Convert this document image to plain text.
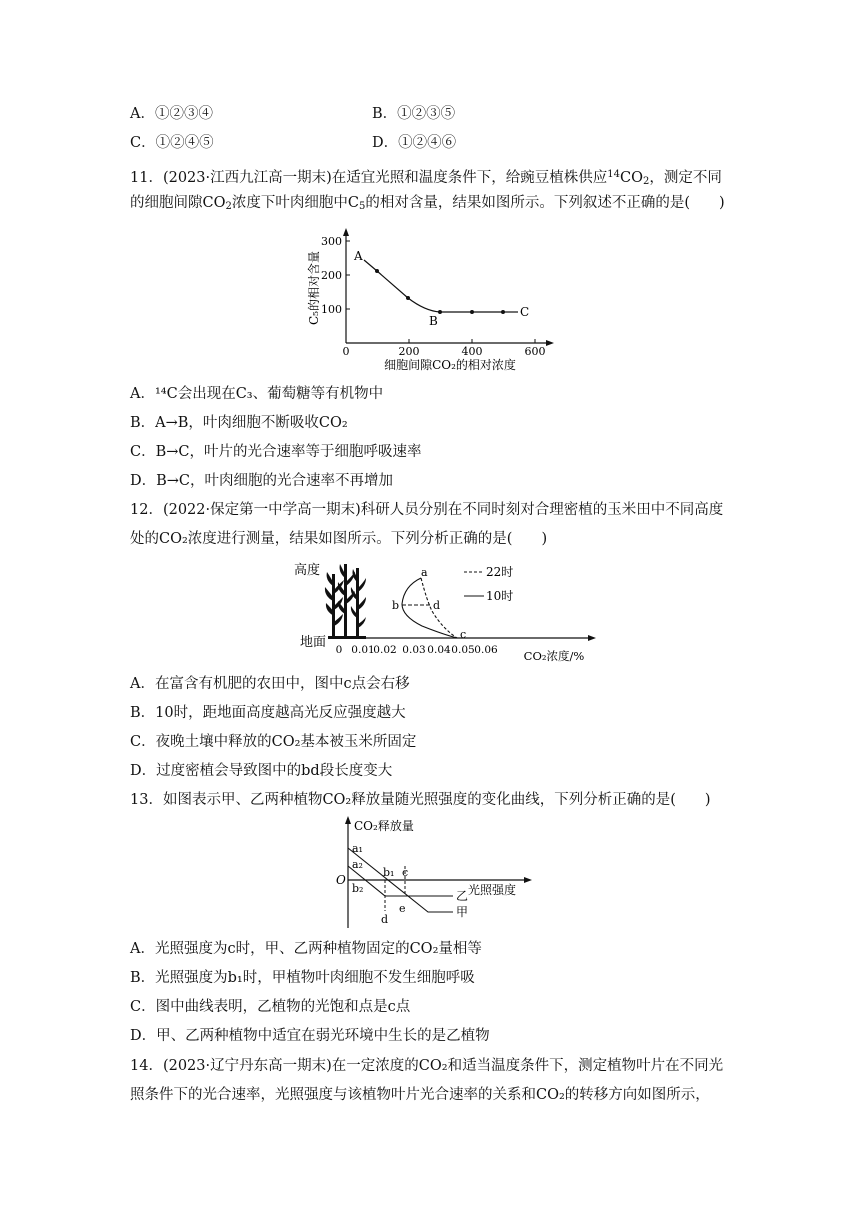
A．①②③④	B．①②③⑤
C．①②④⑤	D．①②④⑥
11．(2023·江西九江高一期末)在适宜光照和温度条件下，给豌豆植株供应$^{14}CO_2$，测定不同
的细胞间隙$CO_2$浓度下叶肉细胞中$C_5$的相对含量，结果如图所示。下列叙述不正确的是(　　)
100
200
300
0	200	400	600
C₅的相对含量
细胞间隙CO₂的相对浓度
A
B
C
A．¹⁴C会出现在C₃、葡萄糖等有机物中
B．A→B，叶肉细胞不断吸收CO₂
C．B→C，叶片的光合速率等于细胞呼吸速率
D．B→C，叶肉细胞的光合速率不再增加
12．(2022·保定第一中学高一期末)科研人员分别在不同时刻对合理密植的玉米田中不同高度
处的CO₂浓度进行测量，结果如图所示。下列分析正确的是(　　)
高度
地面 0 0.01
0.02 0.03 0.04 0.05 0.06 CO₂浓度/%
a
b
c
d
22时
10时
A．在富含有机肥的农田中，图中c点会右移
B．10时，距地面高度越高光反应强度越大
C．夜晚土壤中释放的CO₂基本被玉米所固定
D．过度密植会导致图中的bd段长度变大
13．如图表示甲、乙两种植物CO₂释放量随光照强度的变化曲线，下列分析正确的是(　　)
CO₂释放量
光照强度
O
a₁
a₂
b₁
b₂
c
d
e
乙
甲
A．光照强度为c时，甲、乙两种植物固定的CO₂量相等
B．光照强度为b₁时，甲植物叶肉细胞不发生细胞呼吸
C．图中曲线表明，乙植物的光饱和点是c点
D．甲、乙两种植物中适宜在弱光环境中生长的是乙植物
14．(2023·辽宁丹东高一期末)在一定浓度的CO₂和适当温度条件下，测定植物叶片在不同光
照条件下的光合速率，光照强度与该植物叶片光合速率的关系和CO₂的转移方向如图所示，
